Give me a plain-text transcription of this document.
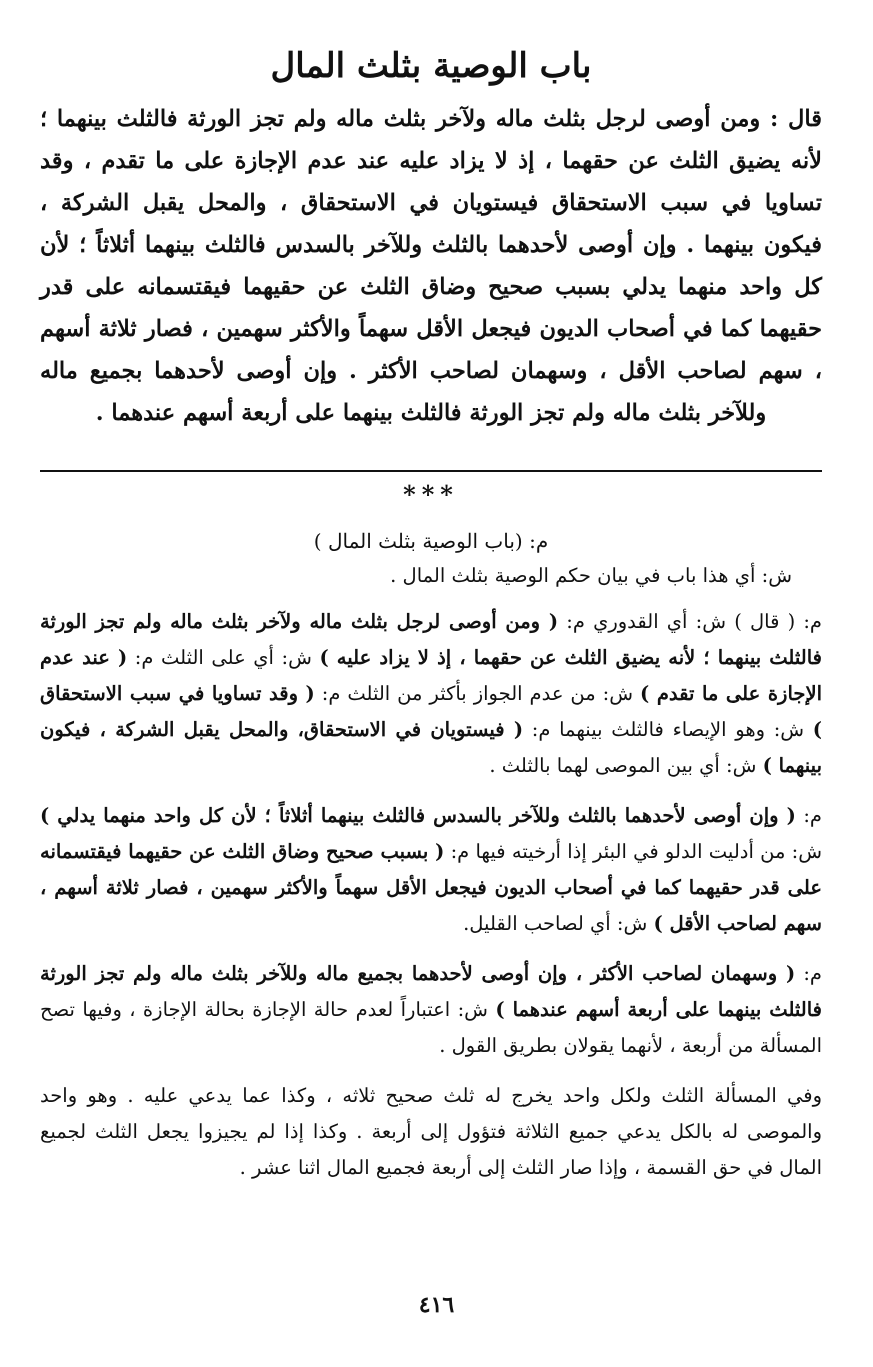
باب الوصية بثلث المال

قال : ومن أوصى لرجل بثلث ماله ولآخر بثلث ماله ولم تجز الورثة فالثلث بينهما ؛ لأنه يضيق الثلث عن حقهما ، إذ لا يزاد عليه عند عدم الإجازة على ما تقدم ، وقد تساويا في سبب الاستحقاق فيستويان في الاستحقاق ، والمحل يقبل الشركة ، فيكون بينهما . وإن أوصى لأحدهما بالثلث وللآخر بالسدس فالثلث بينهما أثلاثاً ؛ لأن كل واحد منهما يدلي بسبب صحيح وضاق الثلث عن حقيهما فيقتسمانه على قدر حقيهما كما في أصحاب الديون فيجعل الأقل سهماً والأكثر سهمين ، فصار ثلاثة أسهم ، سهم لصاحب الأقل ، وسهمان لصاحب الأكثر . وإن أوصى لأحدهما بجميع ماله وللآخر بثلث ماله ولم تجز الورثة فالثلث بينهما على أربعة أسهم عندهما .

***
م: (باب الوصية بثلث المال )

ش: أي هذا باب في بيان حكم الوصية بثلث المال .

م: ( قال ) ش: أي القدوري م: ( ومن أوصى لرجل بثلث ماله ولآخر بثلث ماله ولم تجز الورثة فالثلث بينهما ؛ لأنه يضيق الثلث عن حقهما ، إذ لا يزاد عليه ) ش: أي على الثلث م: ( عند عدم الإجازة على ما تقدم ) ش: من عدم الجواز بأكثر من الثلث م: ( وقد تساويا في سبب الاستحقاق ) ش: وهو الإيصاء فالثلث بينهما م: ( فيستويان في الاستحقاق، والمحل يقبل الشركة ، فيكون بينهما ) ش: أي بين الموصى لهما بالثلث .

م: ( وإن أوصى لأحدهما بالثلث وللآخر بالسدس فالثلث بينهما أثلاثاً ؛ لأن كل واحد منهما يدلي ) ش: من أدليت الدلو في البئر إذا أرخيته فيها م: ( بسبب صحيح وضاق الثلث عن حقيهما فيقتسمانه على قدر حقيهما كما في أصحاب الديون فيجعل الأقل سهماً والأكثر سهمين ، فصار ثلاثة أسهم ، سهم لصاحب الأقل ) ش: أي لصاحب القليل.

م: ( وسهمان لصاحب الأكثر ، وإن أوصى لأحدهما بجميع ماله وللآخر بثلث ماله ولم تجز الورثة فالثلث بينهما على أربعة أسهم عندهما ) ش: اعتباراً لعدم حالة الإجازة بحالة الإجازة ، وفيها تصح المسألة من أربعة ، لأنهما يقولان بطريق القول .

وفي المسألة الثلث ولكل واحد يخرج له ثلث صحيح ثلاثه ، وكذا عما يدعي عليه . وهو واحد والموصى له بالكل يدعي جميع الثلاثة فتؤول إلى أربعة . وكذا إذا لم يجيزوا يجعل الثلث لجميع المال في حق القسمة ، وإذا صار الثلث إلى أربعة فجميع المال اثنا عشر .

٤١٦
